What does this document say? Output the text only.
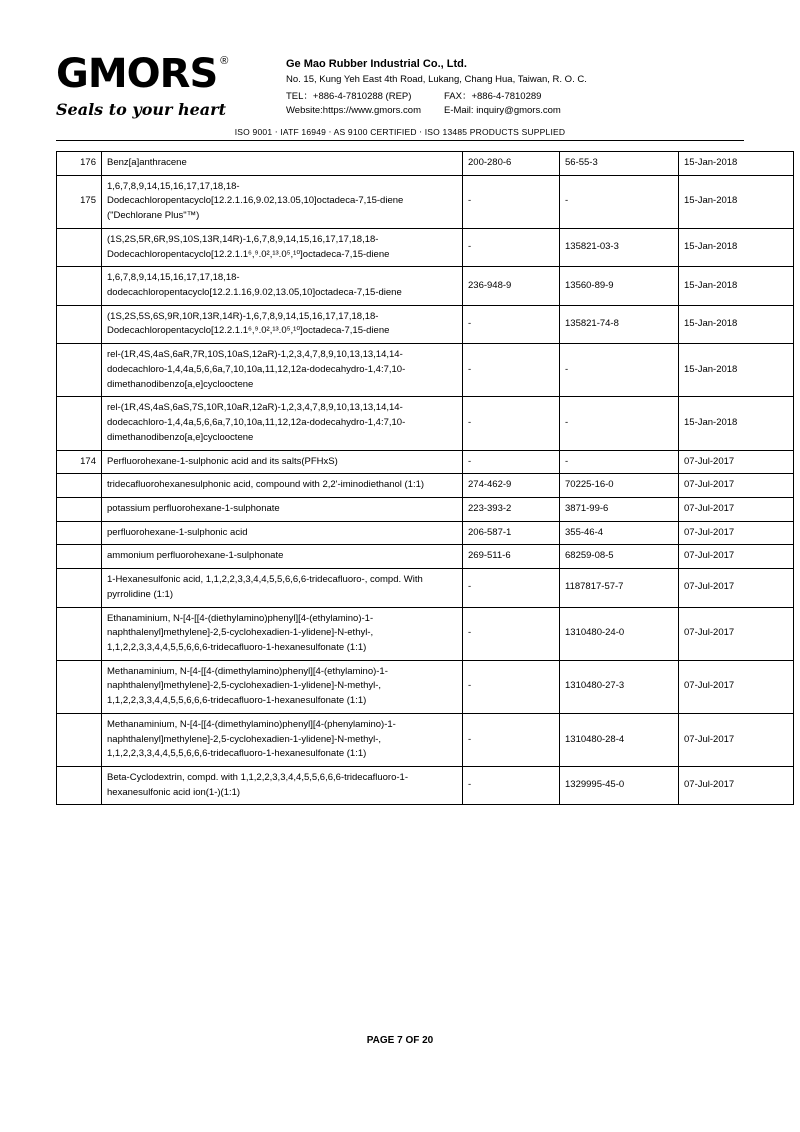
GMORS ®
Seals to your heart
Ge Mao Rubber Industrial Co., Ltd.
No. 15, Kung Yeh East 4th Road, Lukang, Chang Hua, Taiwan, R. O. C.
TEL：+886-4-7810288 (REP)	FAX：+886-4-7810289
Website:https://www.gmors.com	E-Mail: inquiry@gmors.com
ISO 9001 ‧ IATF 16949 ‧ AS 9100 CERTIFIED ‧ ISO 13485 PRODUCTS SUPPLIED
176	Benz[a]anthracene	200-280-6	56-55-3	15-Jan-2018
175	1,6,7,8,9,14,15,16,17,17,18,18-Dodecachloropentacyclo[12.2.1.16,9.02,13.05,10]octadeca-7,15-diene ("Dechlorane Plus"™)	-	-	15-Jan-2018
	(1S,2S,5R,6R,9S,10S,13R,14R)-1,6,7,8,9,14,15,16,17,17,18,18-Dodecachloropentacyclo[12.2.1.1⁶,⁹.0²,¹³.0⁵,¹⁰]octadeca-7,15-diene	-	135821-03-3	15-Jan-2018
	1,6,7,8,9,14,15,16,17,17,18,18-dodecachloropentacyclo[12.2.1.16,9.02,13.05,10]octadeca-7,15-diene	236-948-9	13560-89-9	15-Jan-2018
	(1S,2S,5S,6S,9R,10R,13R,14R)-1,6,7,8,9,14,15,16,17,17,18,18-Dodecachloropentacyclo[12.2.1.1⁶,⁹.0²,¹³.0⁵,¹⁰]octadeca-7,15-diene	-	135821-74-8	15-Jan-2018
	rel-(1R,4S,4aS,6aR,7R,10S,10aS,12aR)-1,2,3,4,7,8,9,10,13,13,14,14-dodecachloro-1,4,4a,5,6,6a,7,10,10a,11,12,12a-dodecahydro-1,4:7,10-dimethanodibenzo[a,e]cyclooctene	-	-	15-Jan-2018
	rel-(1R,4S,4aS,6aS,7S,10R,10aR,12aR)-1,2,3,4,7,8,9,10,13,13,14,14-dodecachloro-1,4,4a,5,6,6a,7,10,10a,11,12,12a-dodecahydro-1,4:7,10-dimethanodibenzo[a,e]cyclooctene	-	-	15-Jan-2018
174	Perfluorohexane-1-sulphonic acid and its salts(PFHxS)	-	-	07-Jul-2017
	tridecafluorohexanesulphonic acid, compound with 2,2'-iminodiethanol (1:1)	274-462-9	70225-16-0	07-Jul-2017
	potassium perfluorohexane-1-sulphonate	223-393-2	3871-99-6	07-Jul-2017
	perfluorohexane-1-sulphonic acid	206-587-1	355-46-4	07-Jul-2017
	ammonium perfluorohexane-1-sulphonate	269-511-6	68259-08-5	07-Jul-2017
	1-Hexanesulfonic acid, 1,1,2,2,3,3,4,4,5,5,6,6,6-tridecafluoro-, compd. With pyrrolidine (1:1)	-	1187817-57-7	07-Jul-2017
	Ethanaminium, N-[4-[[4-(diethylamino)phenyl][4-(ethylamino)-1-naphthalenyl]methylene]-2,5-cyclohexadien-1-ylidene]-N-ethyl-, 1,1,2,2,3,3,4,4,5,5,6,6,6-tridecafluoro-1-hexanesulfonate (1:1)	-	1310480-24-0	07-Jul-2017
	Methanaminium, N-[4-[[4-(dimethylamino)phenyl][4-(ethylamino)-1-naphthalenyl]methylene]-2,5-cyclohexadien-1-ylidene]-N-methyl-, 1,1,2,2,3,3,4,4,5,5,6,6,6-tridecafluoro-1-hexanesulfonate (1:1)	-	1310480-27-3	07-Jul-2017
	Methanaminium, N-[4-[[4-(dimethylamino)phenyl][4-(phenylamino)-1-naphthalenyl]methylene]-2,5-cyclohexadien-1-ylidene]-N-methyl-, 1,1,2,2,3,3,4,4,5,5,6,6,6-tridecafluoro-1-hexanesulfonate (1:1)	-	1310480-28-4	07-Jul-2017
	Beta-Cyclodextrin, compd. with 1,1,2,2,3,3,4,4,5,5,6,6,6-tridecafluoro-1-hexanesulfonic acid ion(1-)(1:1)	-	1329995-45-0	07-Jul-2017
PAGE 7 OF 20
